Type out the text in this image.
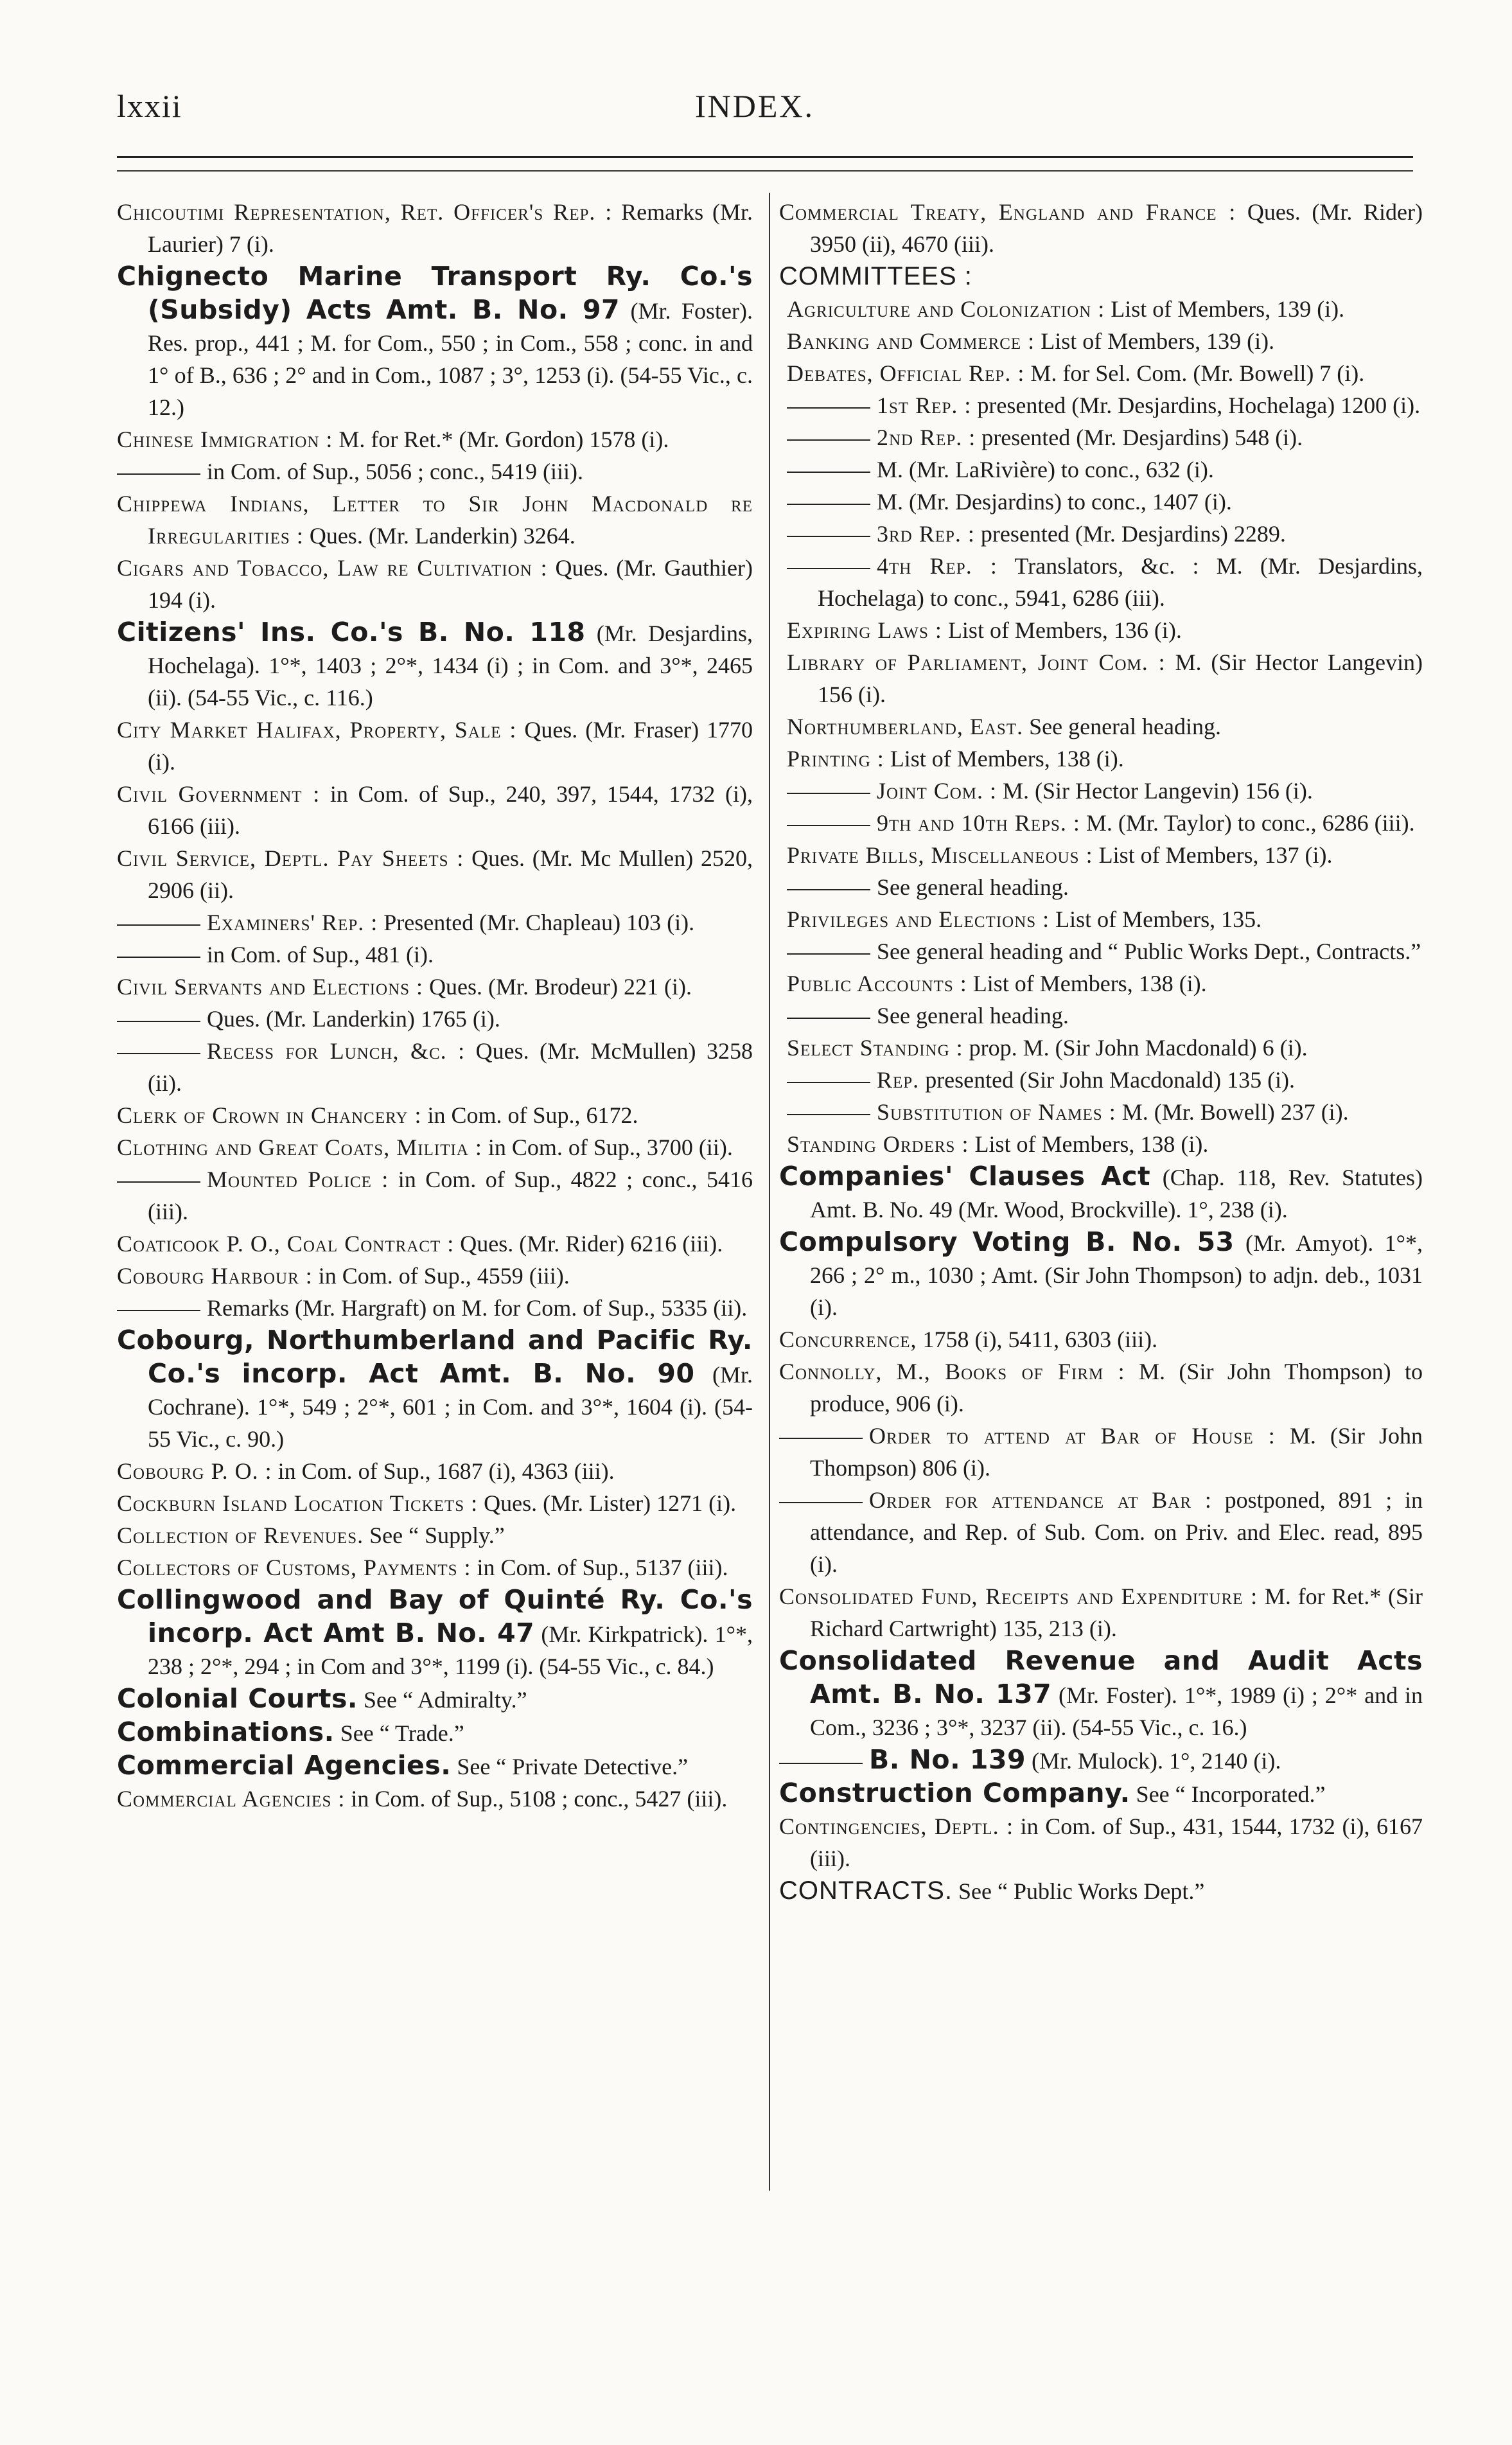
lxxii	INDEX.

Chicoutimi Representation, Ret. Officer's Rep. : Remarks (Mr. Laurier) 7 (i).

Chignecto Marine Transport Ry. Co.'s (Subsidy) Acts Amt. B. No. 97 (Mr. Foster). Res. prop., 441 ; M. for Com., 550 ; in Com., 558 ; conc. in and 1° of B., 636 ; 2° and in Com., 1087 ; 3°, 1253 (i). (54-55 Vic., c. 12.)

Chinese Immigration : M. for Ret.* (Mr. Gordon) 1578 (i).

in Com. of Sup., 5056 ; conc., 5419 (iii).

Chippewa Indians, Letter to Sir John Macdonald re Irregularities : Ques. (Mr. Landerkin) 3264.

Cigars and Tobacco, Law re Cultivation : Ques. (Mr. Gauthier) 194 (i).

Citizens' Ins. Co.'s B. No. 118 (Mr. Desjardins, Hochelaga). 1°*, 1403 ; 2°*, 1434 (i) ; in Com. and 3°*, 2465 (ii). (54-55 Vic., c. 116.)

City Market Halifax, Property, Sale : Ques. (Mr. Fraser) 1770 (i).

Civil Government : in Com. of Sup., 240, 397, 1544, 1732 (i), 6166 (iii).

Civil Service, Deptl. Pay Sheets : Ques. (Mr. Mc Mullen) 2520, 2906 (ii).

Examiners' Rep. : Presented (Mr. Chapleau) 103 (i).

in Com. of Sup., 481 (i).

Civil Servants and Elections : Ques. (Mr. Brodeur) 221 (i).

Ques. (Mr. Landerkin) 1765 (i).

Recess for Lunch, &c. : Ques. (Mr. McMullen) 3258 (ii).

Clerk of Crown in Chancery : in Com. of Sup., 6172.

Clothing and Great Coats, Militia : in Com. of Sup., 3700 (ii).

Mounted Police : in Com. of Sup., 4822 ; conc., 5416 (iii).

Coaticook P. O., Coal Contract : Ques. (Mr. Rider) 6216 (iii).

Cobourg Harbour : in Com. of Sup., 4559 (iii).

Remarks (Mr. Hargraft) on M. for Com. of Sup., 5335 (ii).

Cobourg, Northumberland and Pacific Ry. Co.'s incorp. Act Amt. B. No. 90 (Mr. Cochrane). 1°*, 549 ; 2°*, 601 ; in Com. and 3°*, 1604 (i). (54-55 Vic., c. 90.)

Cobourg P. O. : in Com. of Sup., 1687 (i), 4363 (iii).

Cockburn Island Location Tickets : Ques. (Mr. Lister) 1271 (i).

Collection of Revenues. See “ Supply.”

Collectors of Customs, Payments : in Com. of Sup., 5137 (iii).

Collingwood and Bay of Quinté Ry. Co.'s incorp. Act Amt B. No. 47 (Mr. Kirkpatrick). 1°*, 238 ; 2°*, 294 ; in Com and 3°*, 1199 (i). (54-55 Vic., c. 84.)

Colonial Courts. See “ Admiralty.”

Combinations. See “ Trade.”

Commercial Agencies. See “ Private Detective.”

Commercial Agencies : in Com. of Sup., 5108 ; conc., 5427 (iii).

Commercial Treaty, England and France : Ques. (Mr. Rider) 3950 (ii), 4670 (iii).

COMMITTEES :

Agriculture and Colonization : List of Members, 139 (i).

Banking and Commerce : List of Members, 139 (i).

Debates, Official Rep. : M. for Sel. Com. (Mr. Bowell) 7 (i).

1st Rep. : presented (Mr. Desjardins, Hochelaga) 1200 (i).

2nd Rep. : presented (Mr. Desjardins) 548 (i).

M. (Mr. LaRivière) to conc., 632 (i).

M. (Mr. Desjardins) to conc., 1407 (i).

3rd Rep. : presented (Mr. Desjardins) 2289.

4th Rep. : Translators, &c. : M. (Mr. Desjardins, Hochelaga) to conc., 5941, 6286 (iii).

Expiring Laws : List of Members, 136 (i).

Library of Parliament, Joint Com. : M. (Sir Hector Langevin) 156 (i).

Northumberland, East. See general heading.

Printing : List of Members, 138 (i).

Joint Com. : M. (Sir Hector Langevin) 156 (i).

9th and 10th Reps. : M. (Mr. Taylor) to conc., 6286 (iii).

Private Bills, Miscellaneous : List of Members, 137 (i).

See general heading.

Privileges and Elections : List of Members, 135.

See general heading and “ Public Works Dept., Contracts.”

Public Accounts : List of Members, 138 (i).

See general heading.

Select Standing : prop. M. (Sir John Macdonald) 6 (i).

Rep. presented (Sir John Macdonald) 135 (i).

Substitution of Names : M. (Mr. Bowell) 237 (i).

Standing Orders : List of Members, 138 (i).

Companies' Clauses Act (Chap. 118, Rev. Statutes) Amt. B. No. 49 (Mr. Wood, Brockville). 1°, 238 (i).

Compulsory Voting B. No. 53 (Mr. Amyot). 1°*, 266 ; 2° m., 1030 ; Amt. (Sir John Thompson) to adjn. deb., 1031 (i).

Concurrence, 1758 (i), 5411, 6303 (iii).

Connolly, M., Books of Firm : M. (Sir John Thompson) to produce, 906 (i).

Order to attend at Bar of House : M. (Sir John Thompson) 806 (i).

Order for attendance at Bar : postponed, 891 ; in attendance, and Rep. of Sub. Com. on Priv. and Elec. read, 895 (i).

Consolidated Fund, Receipts and Expenditure : M. for Ret.* (Sir Richard Cartwright) 135, 213 (i).

Consolidated Revenue and Audit Acts Amt. B. No. 137 (Mr. Foster). 1°*, 1989 (i) ; 2°* and in Com., 3236 ; 3°*, 3237 (ii). (54-55 Vic., c. 16.)

B. No. 139 (Mr. Mulock). 1°, 2140 (i).

Construction Company. See “ Incorporated.”

Contingencies, Deptl. : in Com. of Sup., 431, 1544, 1732 (i), 6167 (iii).

CONTRACTS. See “ Public Works Dept.”
